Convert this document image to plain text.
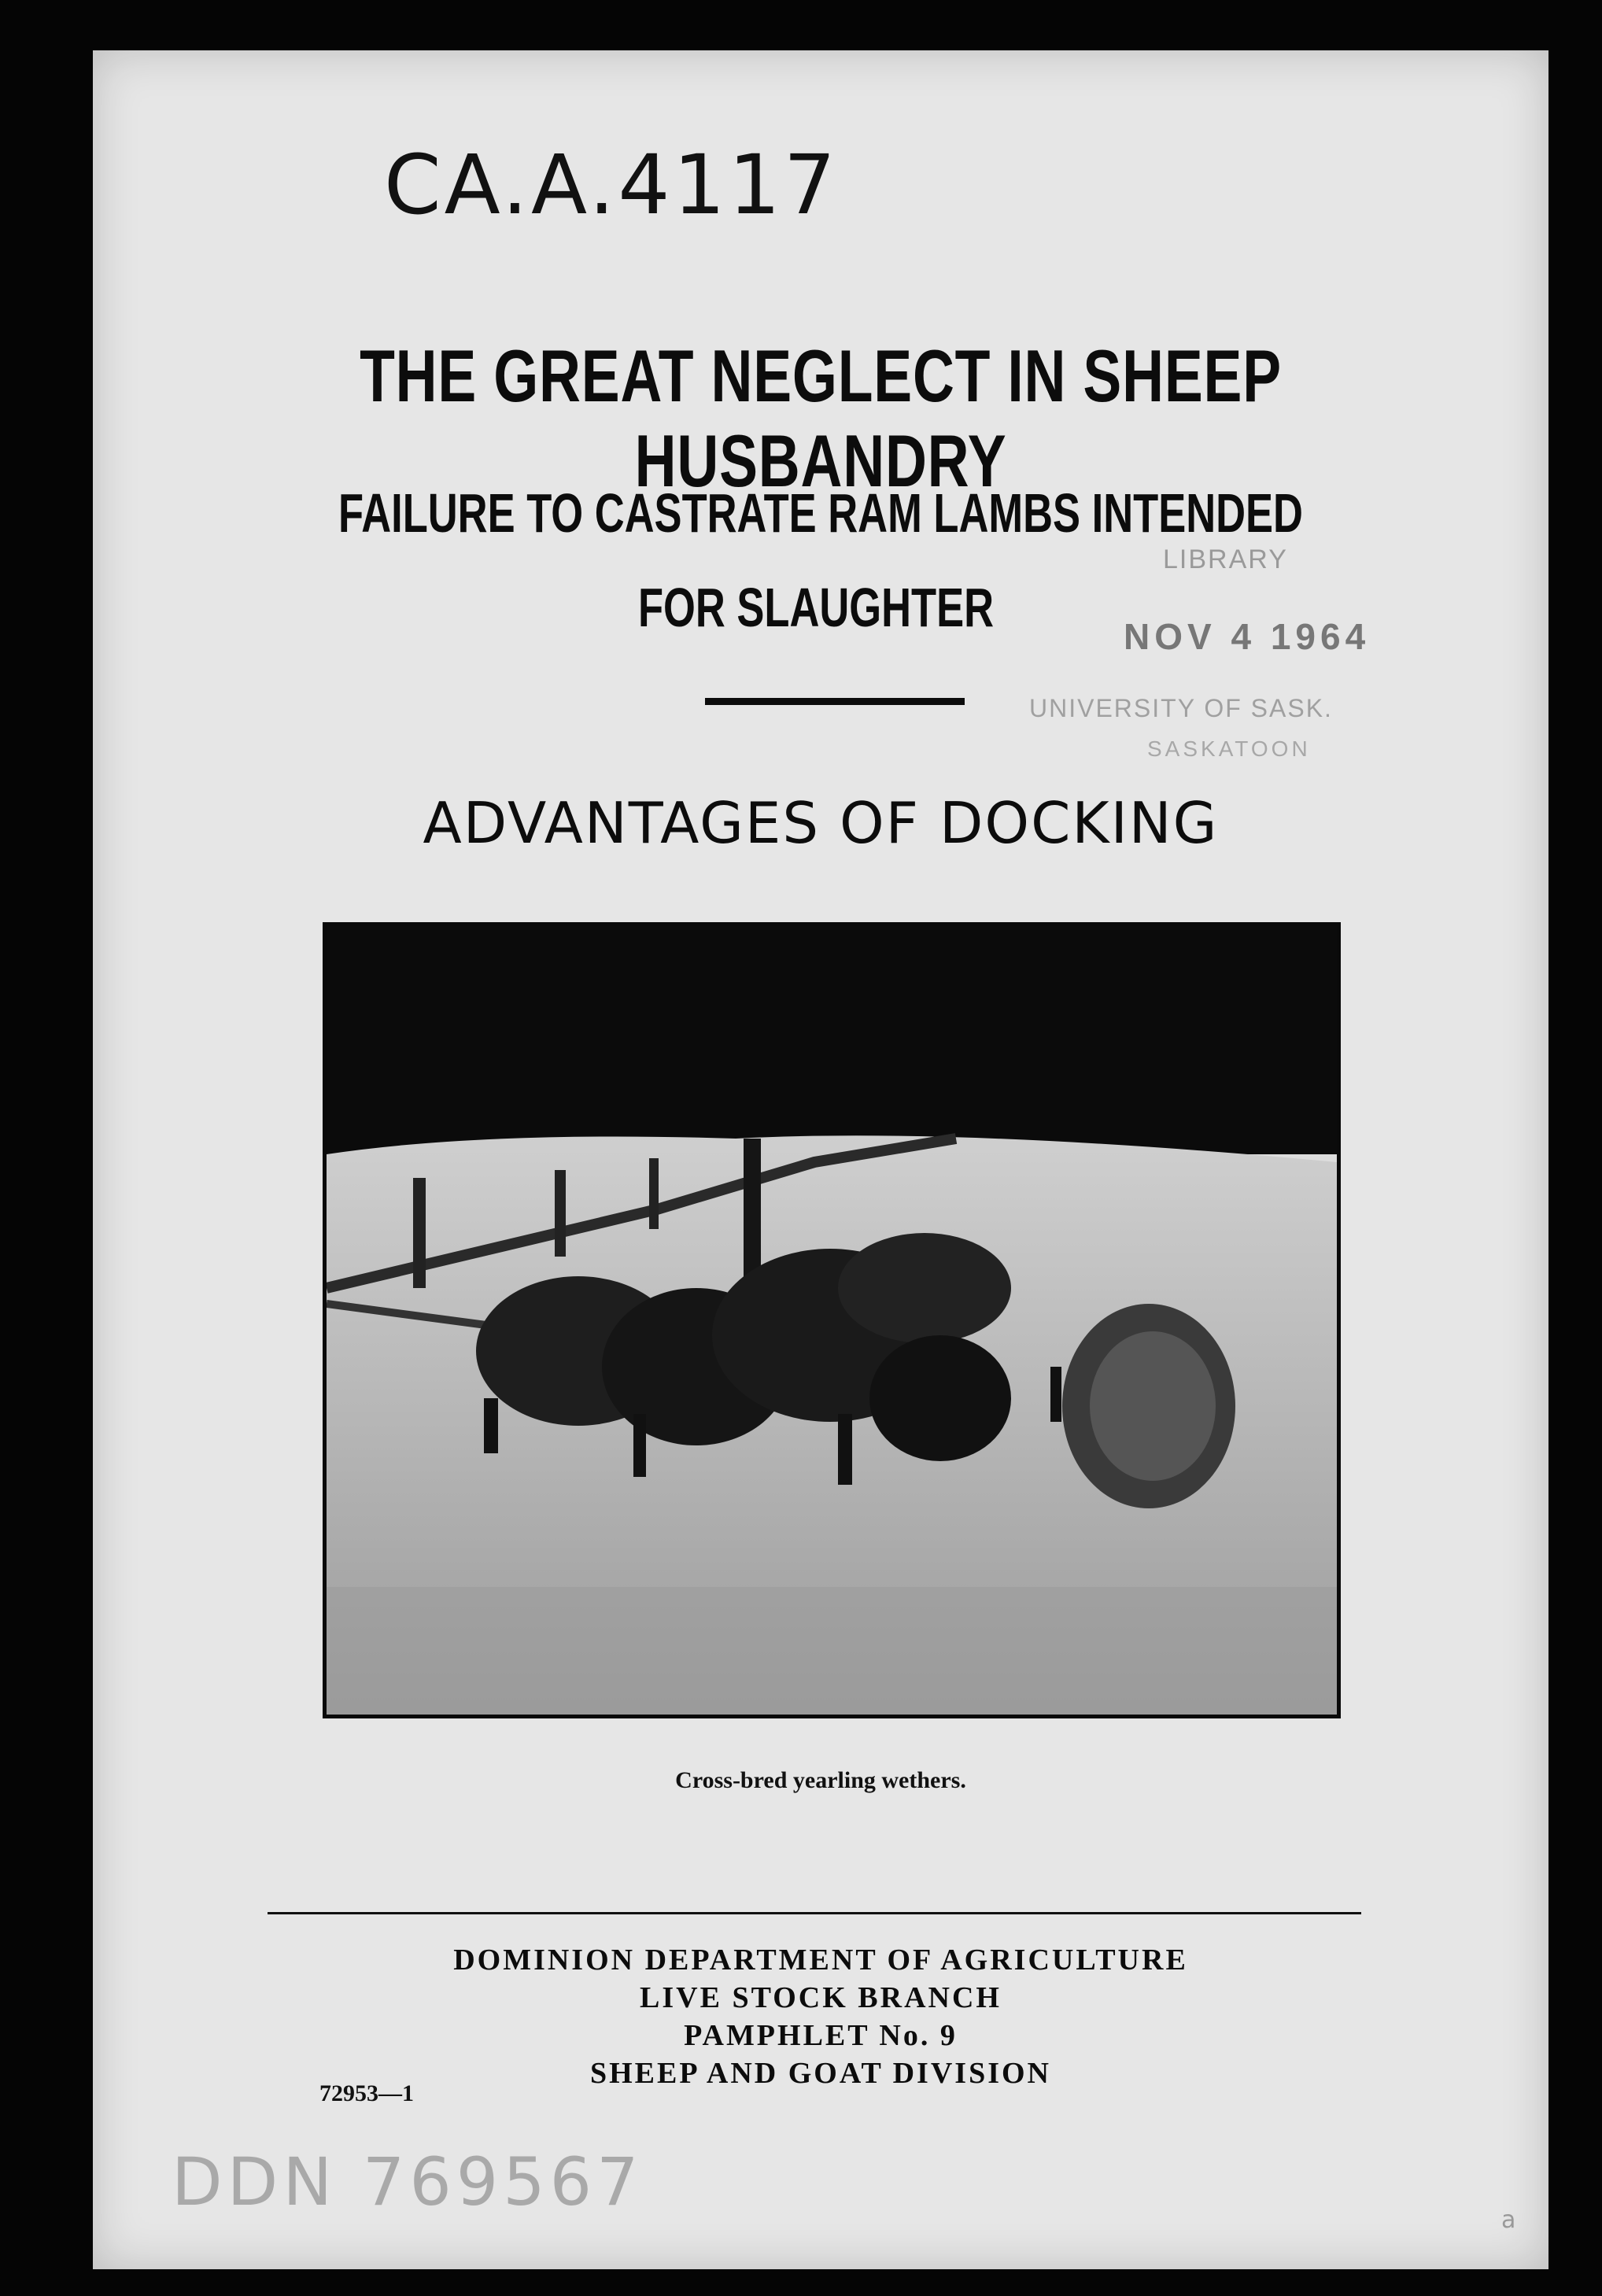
CA.A.4117
THE GREAT NEGLECT IN SHEEP HUSBANDRY
FAILURE TO CASTRATE RAM LAMBS INTENDED
FOR SLAUGHTER
LIBRARY
NOV 4 1964
UNIVERSITY OF SASK.
SASKATOON
ADVANTAGES OF DOCKING
Cross-bred yearling wethers.
DOMINION DEPARTMENT OF AGRICULTURE
LIVE STOCK BRANCH
PAMPHLET No. 9
SHEEP AND GOAT DIVISION
72953—1
DDN 769567	a
